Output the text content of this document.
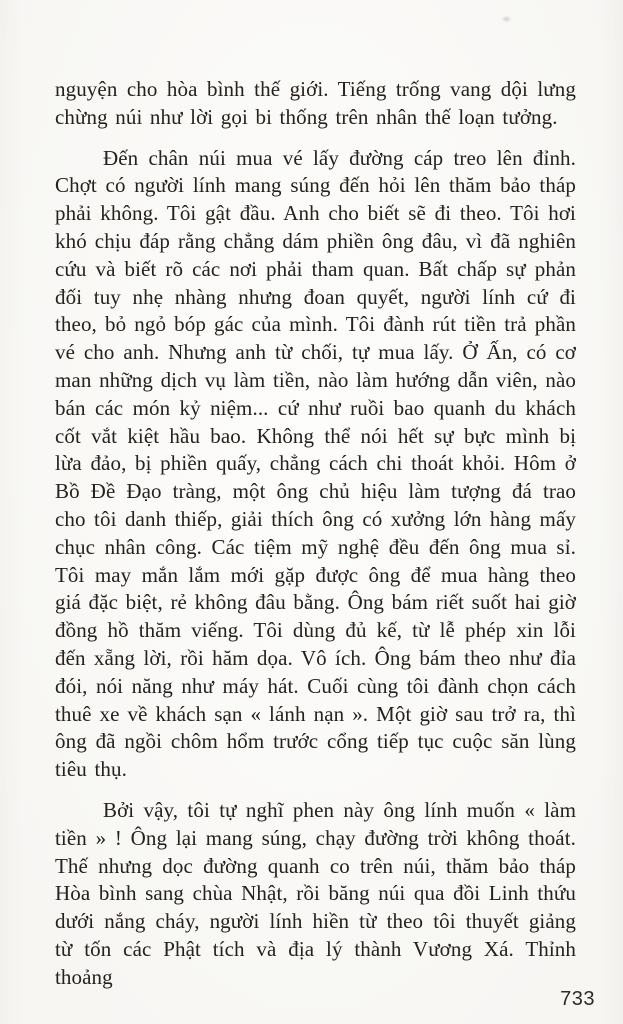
nguyện cho hòa bình thế giới. Tiếng trống vang dội lưng chừng núi như lời gọi bi thống trên nhân thế loạn tưởng.

Đến chân núi mua vé lấy đường cáp treo lên đỉnh. Chợt có người lính mang súng đến hỏi lên thăm bảo tháp phải không. Tôi gật đầu. Anh cho biết sẽ đi theo. Tôi hơi khó chịu đáp rằng chẳng dám phiền ông đâu, vì đã nghiên cứu và biết rõ các nơi phải tham quan. Bất chấp sự phản đối tuy nhẹ nhàng nhưng đoan quyết, người lính cứ đi theo, bỏ ngỏ bóp gác của mình. Tôi đành rút tiền trả phần vé cho anh. Nhưng anh từ chối, tự mua lấy. Ở Ấn, có cơ man những dịch vụ làm tiền, nào làm hướng dẫn viên, nào bán các món kỷ niệm... cứ như ruồi bao quanh du khách cốt vắt kiệt hầu bao. Không thể nói hết sự bực mình bị lừa đảo, bị phiền quấy, chẳng cách chi thoát khỏi. Hôm ở Bồ Đề Đạo tràng, một ông chủ hiệu làm tượng đá trao cho tôi danh thiếp, giải thích ông có xưởng lớn hàng mấy chục nhân công. Các tiệm mỹ nghệ đều đến ông mua sỉ. Tôi may mắn lắm mới gặp được ông để mua hàng theo giá đặc biệt, rẻ không đâu bằng. Ông bám riết suốt hai giờ đồng hồ thăm viếng. Tôi dùng đủ kế, từ lễ phép xin lỗi đến xẵng lời, rồi hăm dọa. Vô ích. Ông bám theo như đỉa đói, nói năng như máy hát. Cuối cùng tôi đành chọn cách thuê xe về khách sạn « lánh nạn ». Một giờ sau trở ra, thì ông đã ngồi chôm hổm trước cổng tiếp tục cuộc săn lùng tiêu thụ.

Bởi vậy, tôi tự nghĩ phen này ông lính muốn « làm tiền » ! Ông lại mang súng, chạy đường trời không thoát. Thế nhưng dọc đường quanh co trên núi, thăm bảo tháp Hòa bình sang chùa Nhật, rồi băng núi qua đồi Linh thứu dưới nắng cháy, người lính hiền từ theo tôi thuyết giảng từ tốn các Phật tích và địa lý thành Vương Xá. Thỉnh thoảng

733
